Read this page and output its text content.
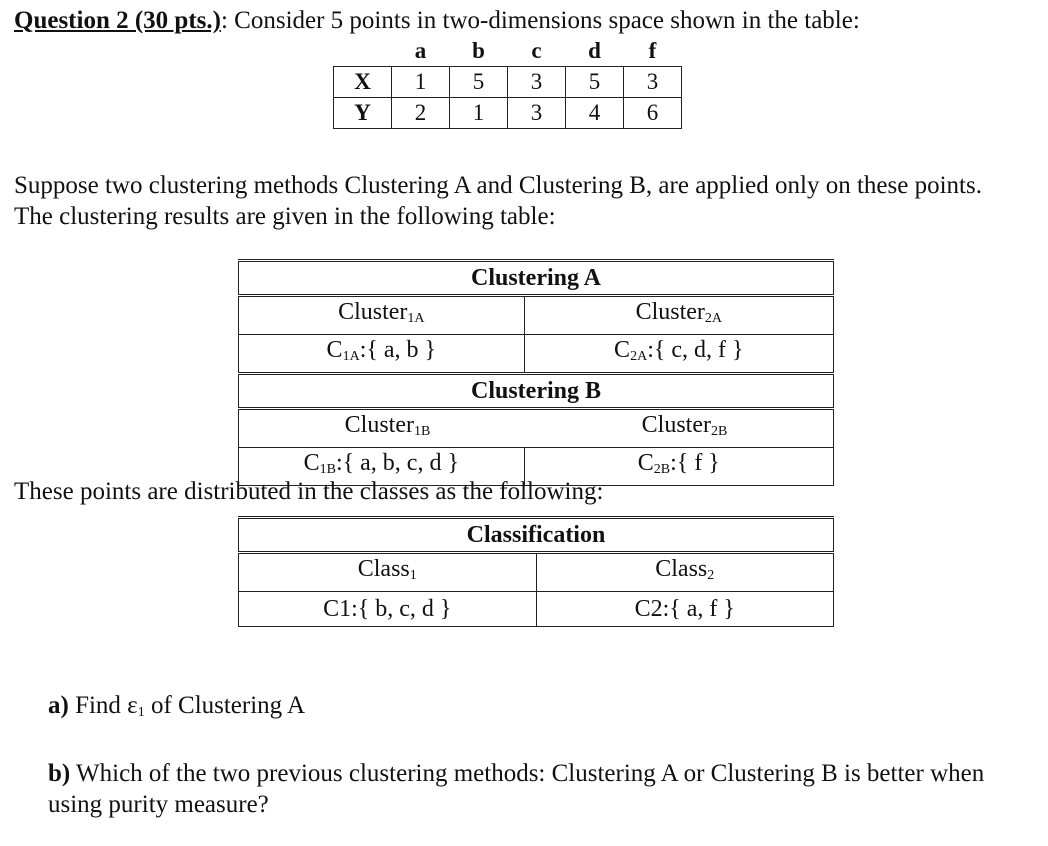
Question 2 (30 pts.): Consider 5 points in two-dimensions space shown in the table:
	a	b	c	d	f
X	1	5	3	5	3
Y	2	1	3	4	6
Suppose two clustering methods Clustering A and Clustering B, are applied only on these points. The clustering results are given in the following table:
Clustering A	
Cluster$_{1A}$	Cluster$_{2A}$
$C_{1A}$:{ a, b }	$C_{2A}$:{ c, d, f }
Clustering B	

Cluster$_{1B}$ Cluster$_{2B}$

$C_{1B}$:{ a, b, c, d }	$C_{2B}$:{ f }
These points are distributed in the classes as the following:
Classification	
Class$_1$	Class$_2$
C1:{ b, c, d }	C2:{ a, f }
a) Find $\varepsilon_1$ of Clustering A
b) Which of the two previous clustering methods: Clustering A or Clustering B is better when using purity measure?
